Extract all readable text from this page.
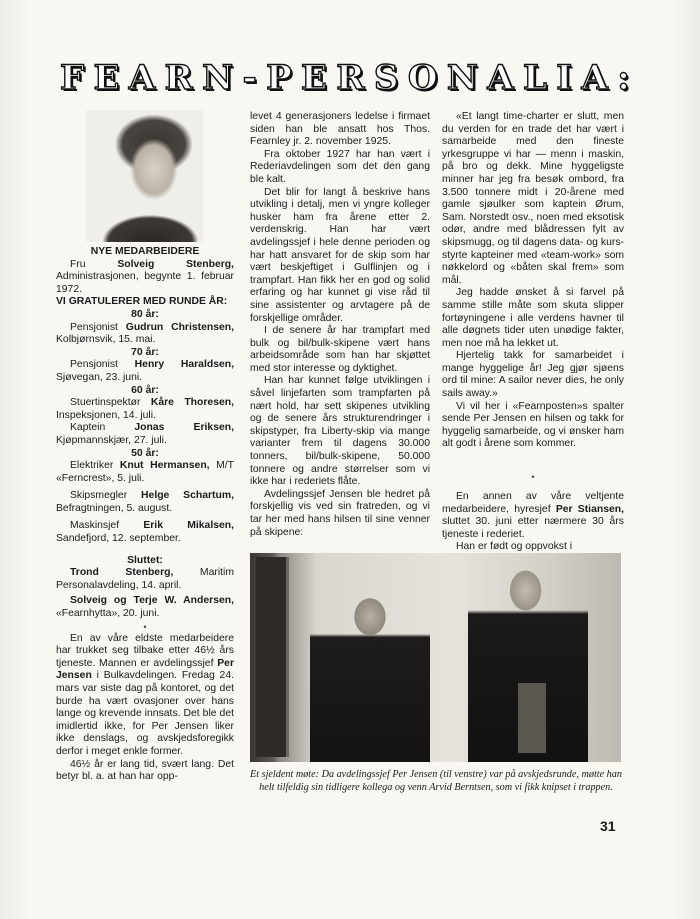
F E A R N - P E R S O N A L I A :

NYE MEDARBEIDERE

Fru Solveig Stenberg, Administrasjonen, begynte 1. februar 1972.

VI GRATULERER MED RUNDE ÅR:

80 år:

Pensjonist Gudrun Christensen, Kolbjørnsvik, 15. mai.

70 år:

Pensjonist Henry Haraldsen, Sjøvegan, 23. juni.

60 år:

Stuertinspektør Kåre Thoresen, Inspeksjonen, 14. juli.

Kaptein Jonas Eriksen, Kjøpmannskjær, 27. juli.

50 år:

Elektriker Knut Hermansen, M/T «Ferncrest», 5. juli.

Skipsmegler Helge Schartum, Befragtningen, 5. august.

Maskinsjef Erik Mikalsen, Sandefjord, 12. september.

Sluttet:

Trond Stenberg, Maritim Personalavdeling, 14. april.

Solveig og Terje W. Andersen, «Fearnhytta», 20. juni.

•

En av våre eldste medarbeidere har trukket seg tilbake etter 46½ års tjeneste. Mannen er avdelingssjef Per Jensen i Bulkavdelingen. Fredag 24. mars var siste dag på kontoret, og det burde ha vært ovasjoner over hans lange og krevende innsats. Det ble det imidlertid ikke, for Per Jensen liker ikke denslags, og avskjedsforegikk derfor i meget enkle former.

46½ år er lang tid, svært lang. Det betyr bl. a. at han har opp-

levet 4 generasjoners ledelse i firmaet siden han ble ansatt hos Thos. Fearnley jr. 2. november 1925.

Fra oktober 1927 har han vært i Rederiavdelingen som det den gang ble kalt.

Det blir for langt å beskrive hans utvikling i detalj, men vi yngre kolleger husker ham fra årene etter 2. verdenskrig. Han har vært avdelingssjef i hele denne perioden og har hatt ansvaret for de skip som har vært beskjeftiget i Gulflinjen og i trampfart. Han fikk her en god og solid erfaring og har kunnet gi vise råd til sine assistenter og arvtagere på de forskjellige områder.

I de senere år har trampfart med bulk og bil/bulk-skipene vært hans arbeidsområde som han har skjøttet med stor interesse og dyktighet.

Han har kunnet følge utviklingen i såvel linjefarten som trampfarten på nært hold, har sett skipenes utvikling og de senere års strukturendringer i skipstyper, fra Liberty-skip via mange varianter frem til dagens 30.000 tonners, bil/bulk-skipene, 50.000 tonnere og andre størrelser som vi ikke har i rederiets flåte.

Avdelingssjef Jensen ble hedret på forskjellig vis ved sin fratreden, og vi tar her med hans hilsen til sine venner på skipene:

«Et langt time-charter er slutt, men du verden for en trade det har vært i samarbeide med den fineste yrkesgruppe vi har — menn i maskin, på bro og dekk. Mine hyggeligste minner har jeg fra besøk ombord, fra 3.500 tonnere midt i 20-årene med gamle sjøulker som kaptein Ørum, Sam. Norstedt osv., noen med eksotisk odør, andre med blådressen fylt av skipsmugg, og til dagens data- og kurs-styrte kapteiner med «team-work» som nøkkelord og «båten skal frem» som mål.

Jeg hadde ønsket å si farvel på samme stille måte som skuta slipper fortøyningene i alle verdens havner til alle døgnets tider uten unødige fakter, men noe må ha lekket ut.

Hjertelig takk for samarbeidet i mange hyggelige år! Jeg gjør sjøens ord til mine: A sailor never dies, he only sails away.»

Vi vil her i «Fearnposten»s spalter sende Per Jensen en hilsen og takk for hyggelig samarbeide, og vi ønsker ham alt godt i årene som kommer.

•

En annen av våre veltjente medarbeidere, hyresjef Per Stiansen, sluttet 30. juni etter nærmere 30 års tjeneste i rederiet.

Han er født og oppvokst i

Et sjeldent møte: Da avdelingssjef Per Jensen (til venstre) var på avskjedsrunde, møtte han helt tilfeldig sin tidligere kollega og venn Arvid Berntsen, som vi fikk knipset i trappen.
31
